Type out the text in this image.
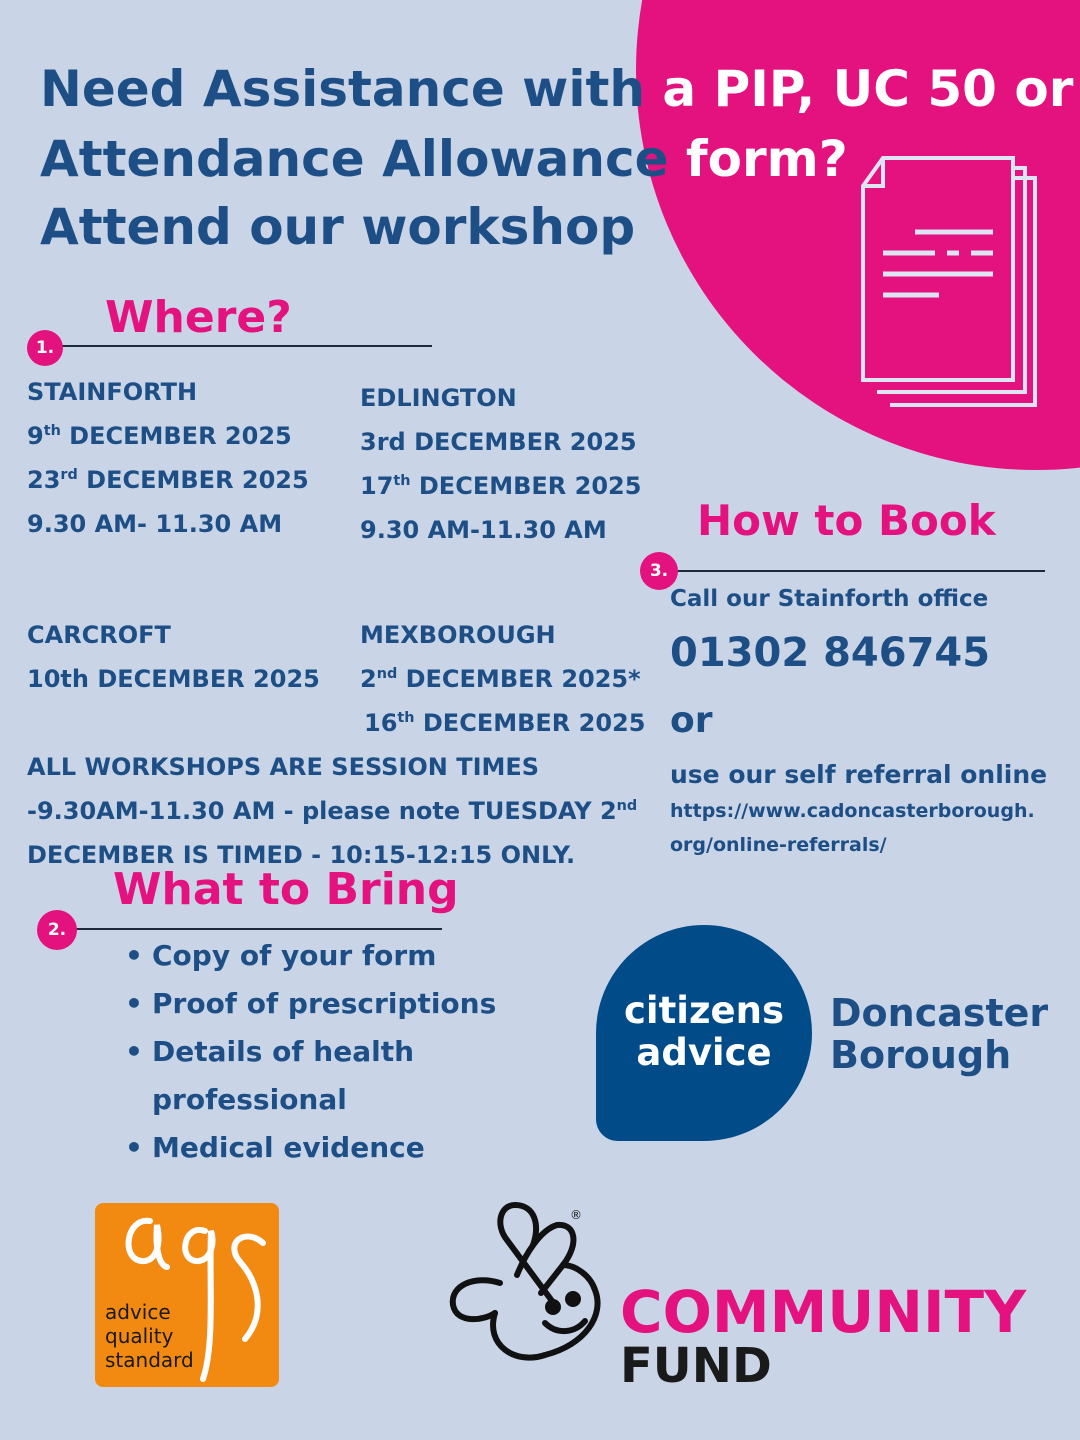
Need Assistance with a PIP, UC 50 or
Attendance Allowance form?
Attend our workshop
Where?
1.
STAINFORTH
9th DECEMBER 2025
23rd DECEMBER 2025
9.30 AM- 11.30 AM
EDLINGTON
3rd DECEMBER 2025
17th DECEMBER 2025
9.30 AM-11.30 AM
CARCROFT
10th DECEMBER 2025
MEXBOROUGH
2nd DECEMBER 2025*
16th DECEMBER 2025
ALL WORKSHOPS ARE SESSION TIMES
-9.30AM-11.30 AM - please note TUESDAY 2nd
DECEMBER IS TIMED - 10:15-12:15 ONLY.
What to Bring
2.
• Copy of your form
• Proof of prescriptions
• Details of health professional
• Medical evidence
How to Book
3.
Call our Stainforth office
01302 846745
or
use our self referral online
https://www.cadoncasterborough.
org/online-referrals/
citizens
advice
Doncaster
Borough
advice
quality
standard
®
COMMUNITY
FUND
